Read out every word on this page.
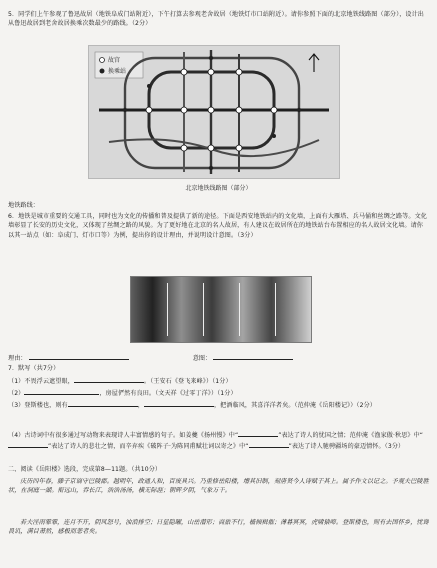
5．同学们上午参观了鲁迅故居（地铁阜成门站附近），下午打算去参观老舍故居（地铁灯市口站附近）。请你参照下面的北京地铁线路图（部分），设计出从鲁迅故居到老舍故居换乘次数最少的路线。（2分）
故宫
换乘站
北京地铁线路图（部分）
地铁路线：
6．地铁是城市重要的交通工具，同时也为文化的传播和普及提供了新的途径。下面是西安地铁站内的文化墙，上面有大雁塔、兵马俑和丝绸之路等。文化墙彰显了长安的历史文化，又体现了丝绸之路的风貌。为了更好地在北京的名人故居，有人建议在故居所在的地铁站台布置相应的名人故居文化墙。请你以其一站点（如：阜成门、灯市口等）为例，提出你的设计理由，并说明设计意图。（3分）
理由：	意图：
7．默写（共7分）
（1）不畏浮云遮望眼，	。（王安石《登飞来峰》）（1分）
（2）	，房屋俨然有良田。（文天祥《过零丁洋》）（1分）
（3）登斯楼也，则有	，	，把酒临风，其喜洋洋者矣。（范仲淹《岳阳楼记》）（2分）
（4）古诗词中有很多通过写动物来表现诗人丰富情感的句子。如姜夔《扬州慢》中“	”表达了诗人的忧国之情；范仲淹《渔家傲·秋思》中“”表达了诗人的悲壮之情，而辛弃疾《破阵子·为陈同甫赋壮词以寄之》中“	”表达了诗人驰骋疆场的豪迈情怀。（3分）
二、阅读《岳阳楼》选段，完成第8—11题。（共10分）
庆历四年春，滕子京谪守巴陵郡。越明年，政通人和，百废具兴。乃重修岳阳楼，增其旧制，刻唐贤今人诗赋于其上。属予作文以记之。予观夫巴陵胜状，在洞庭一湖。衔远山，吞长江，浩浩汤汤，横无际涯；朝晖夕阴，气象万千。
若夫淫雨霏霏，连月不开，阴风怒号，浊浪排空；日星隐曜，山岳潜形；商旅不行，樯倾楫摧；薄暮冥冥，虎啸猿啼。登斯楼也，则有去国怀乡，忧谗畏讥，满目萧然，感极而悲者矣。
